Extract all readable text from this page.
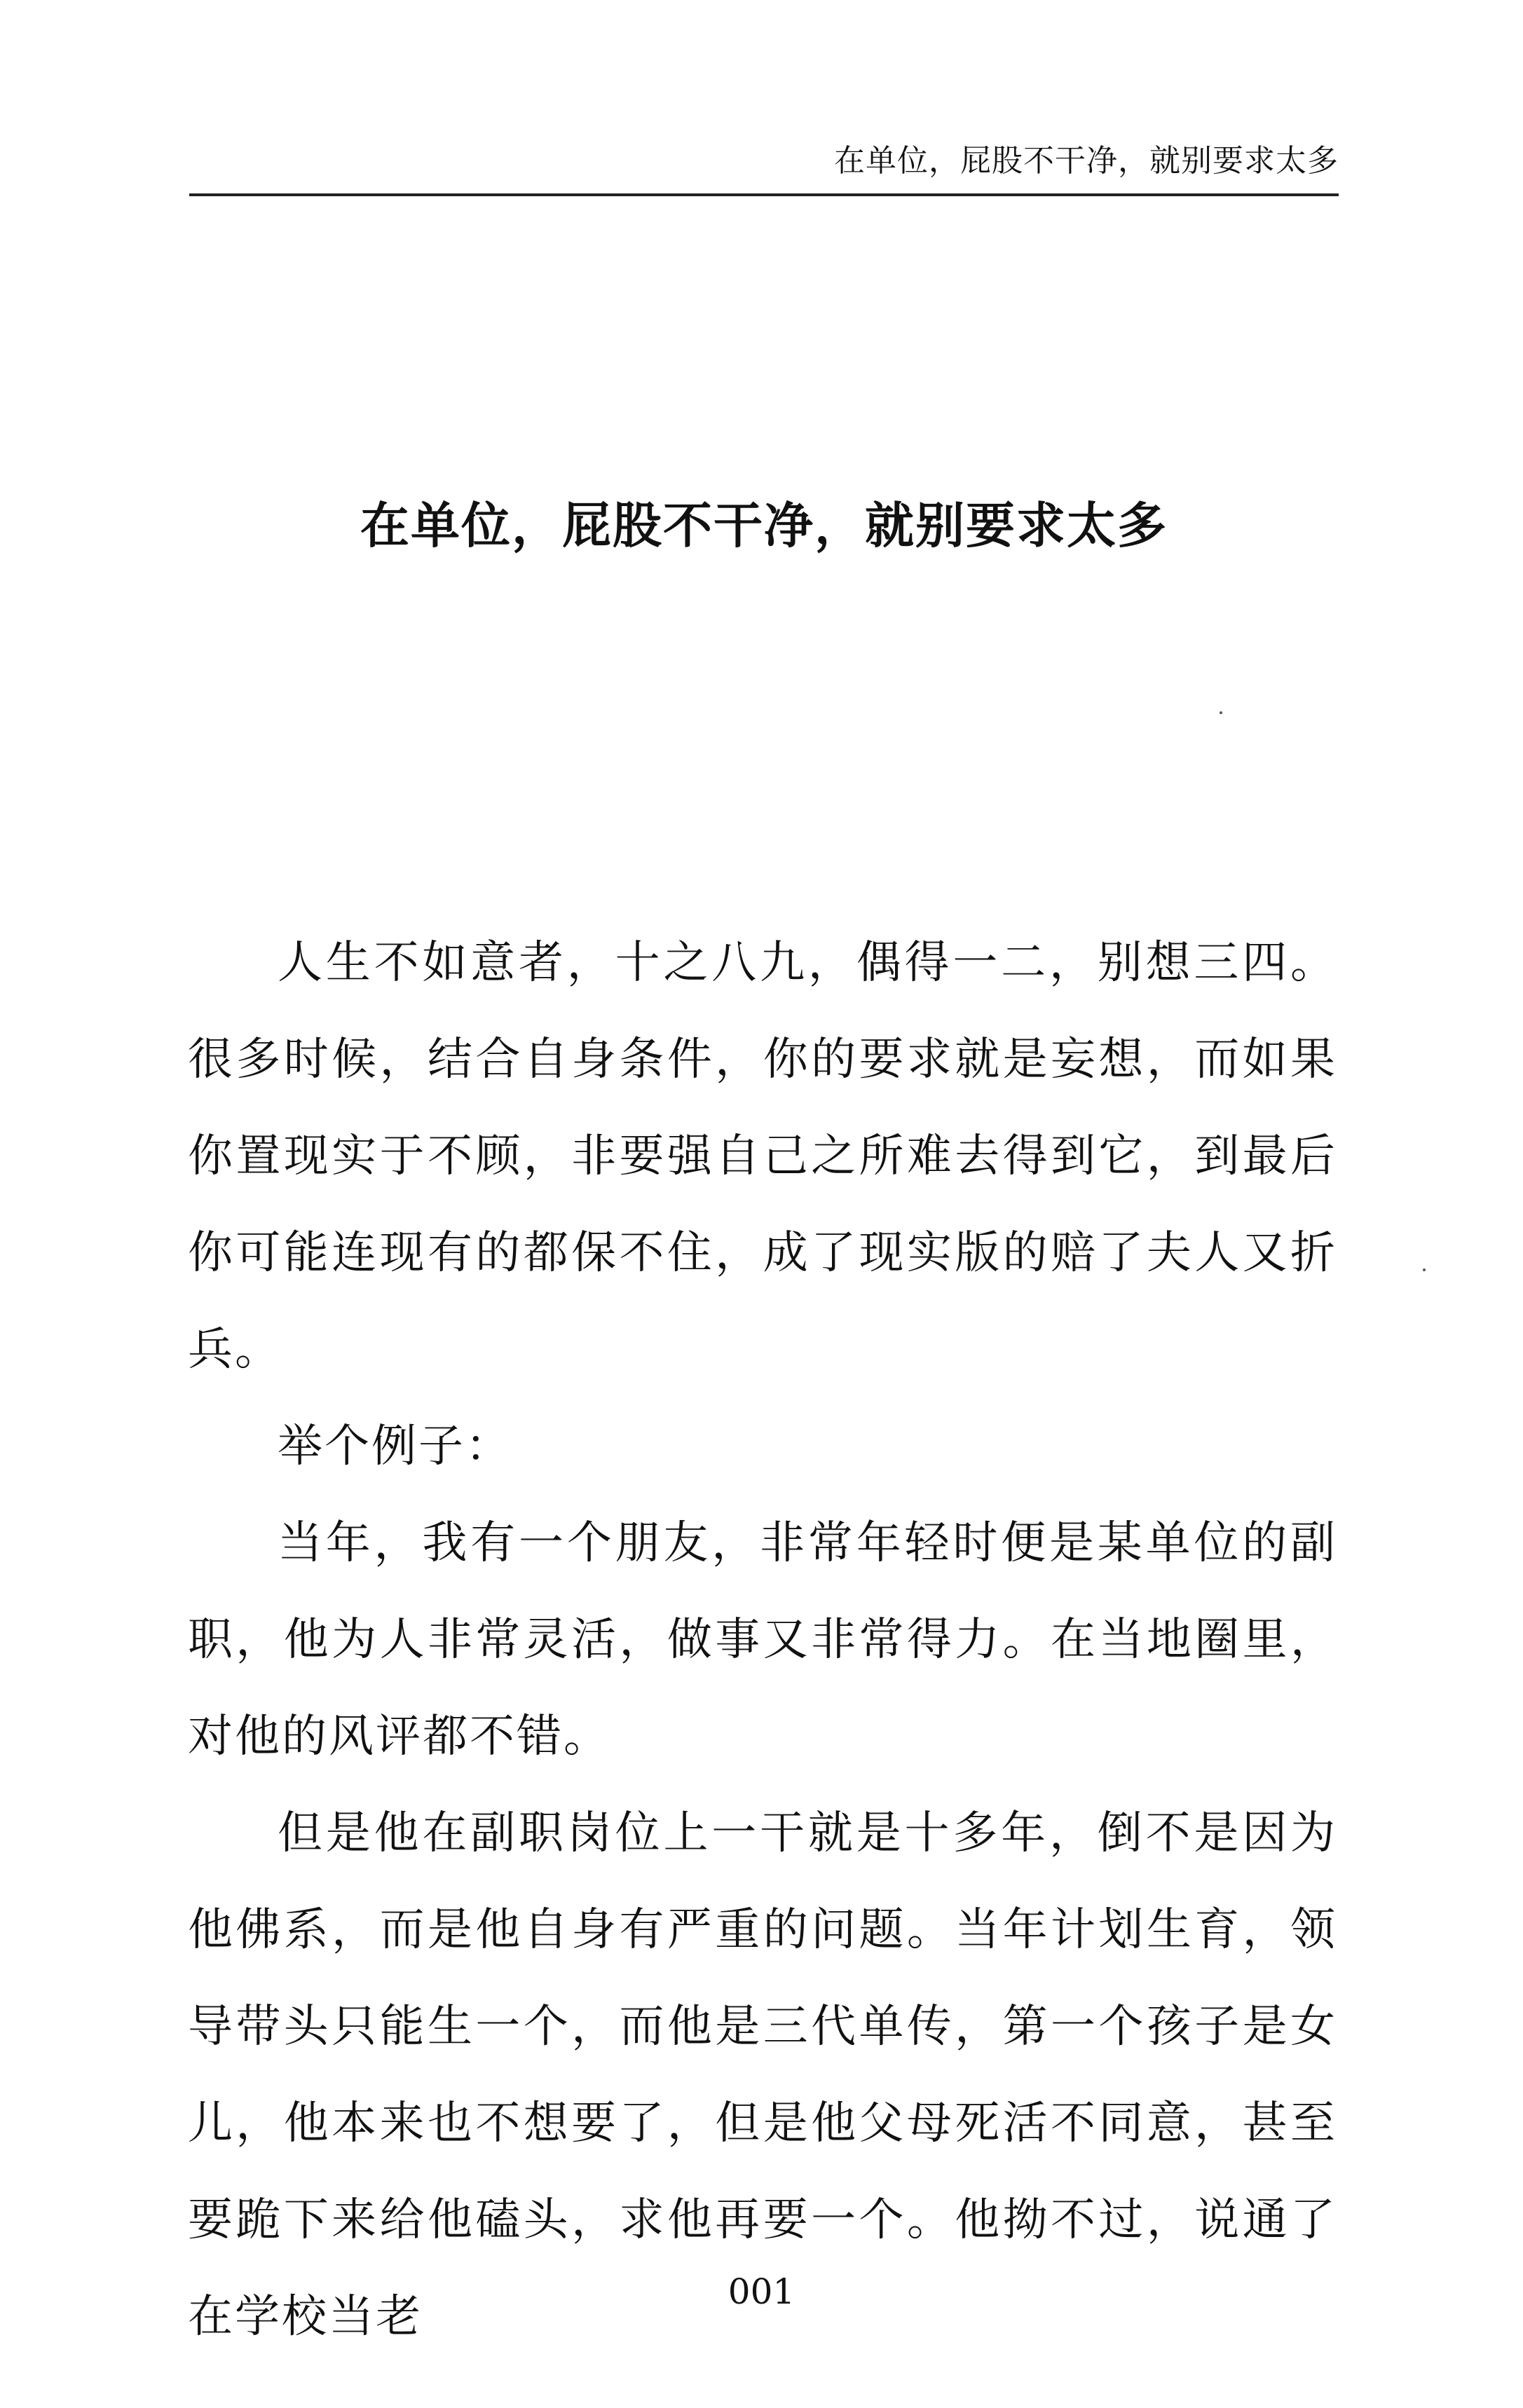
在单位，屁股不干净，就别要求太多
在单位，屁股不干净，就别要求太多

人生不如意者，十之八九，偶得一二，别想三四。很多时候，结合自身条件，你的要求就是妄想，而如果你置现实于不顾，非要强自己之所难去得到它，到最后你可能连现有的都保不住，成了现实版的赔了夫人又折兵。

举个例子：

当年，我有一个朋友，非常年轻时便是某单位的副职，他为人非常灵活，做事又非常得力。在当地圈里，对他的风评都不错。

但是他在副职岗位上一干就是十多年，倒不是因为他佛系，而是他自身有严重的问题。当年计划生育，领导带头只能生一个，而他是三代单传，第一个孩子是女儿，他本来也不想要了，但是他父母死活不同意，甚至要跪下来给他磕头，求他再要一个。他拗不过，说通了在学校当老	001
